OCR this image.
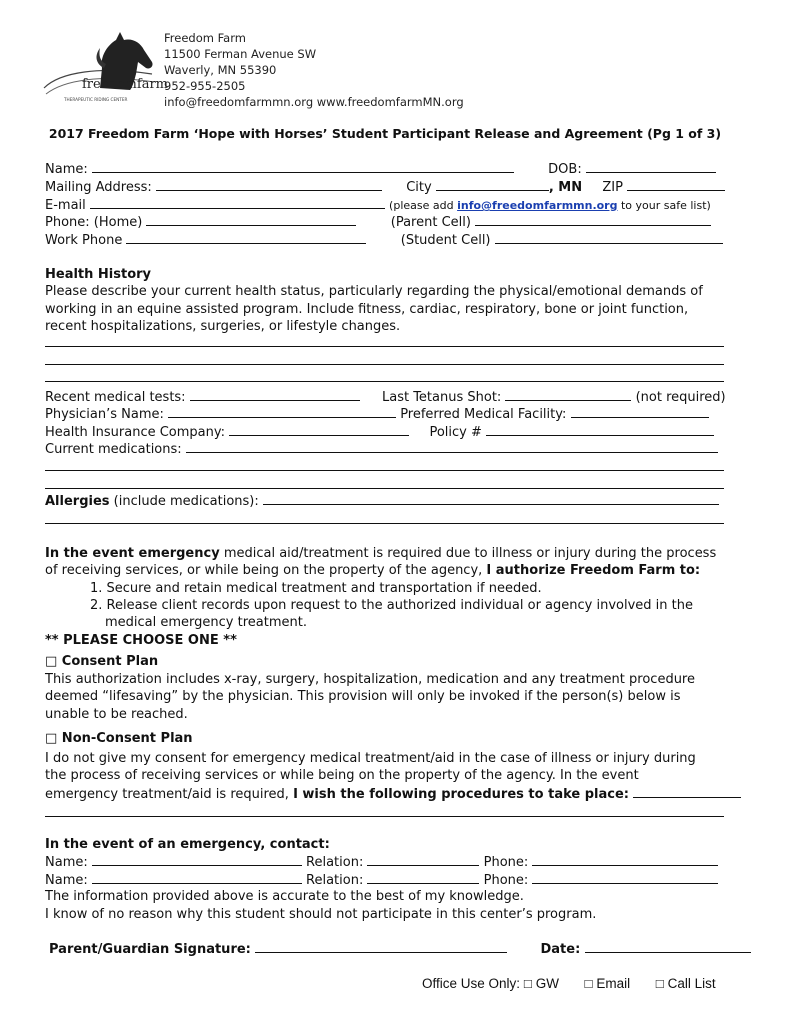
freedomfarm
THERAPEUTIC RIDING CENTER
Freedom Farm
11500 Ferman Avenue SW
Waverly, MN 55390
952-955-2505
info@freedomfarmmn.org www.freedomfarmMN.org
2017 Freedom Farm ‘Hope with Horses’ Student Participant Release and Agreement (Pg 1 of 3)
Name:	DOB:
Mailing Address:	City	, MN ZIP
E-mail	(please add info@freedomfarmmn.org to your safe list)
Phone: (Home)	(Parent Cell)
Work Phone	(Student Cell)
Health History
Please describe your current health status, particularly regarding the physical/emotional demands of
working in an equine assisted program. Include fitness, cardiac, respiratory, bone or joint function,
recent hospitalizations, surgeries, or lifestyle changes.
Recent medical tests:	Last Tetanus Shot:	(not required)
Physician’s Name:	Preferred Medical Facility:
Health Insurance Company:	Policy #
Current medications:
Allergies (include medications):
In the event emergency medical aid/treatment is required due to illness or injury during the process
of receiving services, or while being on the property of the agency, I authorize Freedom Farm to:
1. Secure and retain medical treatment and transportation if needed.
2. Release client records upon request to the authorized individual or agency involved in the
medical emergency treatment.
** PLEASE CHOOSE ONE **
□ Consent Plan
This authorization includes x-ray, surgery, hospitalization, medication and any treatment procedure
deemed “lifesaving” by the physician. This provision will only be invoked if the person(s) below is
unable to be reached.
□ Non-Consent Plan
I do not give my consent for emergency medical treatment/aid in the case of illness or injury during
the process of receiving services or while being on the property of the agency. In the event
emergency treatment/aid is required, I wish the following procedures to take place:
In the event of an emergency, contact:
Name:	Relation:	Phone:
Name:	Relation:	Phone:
The information provided above is accurate to the best of my knowledge.
I know of no reason why this student should not participate in this center’s program.
Parent/Guardian Signature:	Date:
Office Use Only: □ GW □ Email □ Call List
